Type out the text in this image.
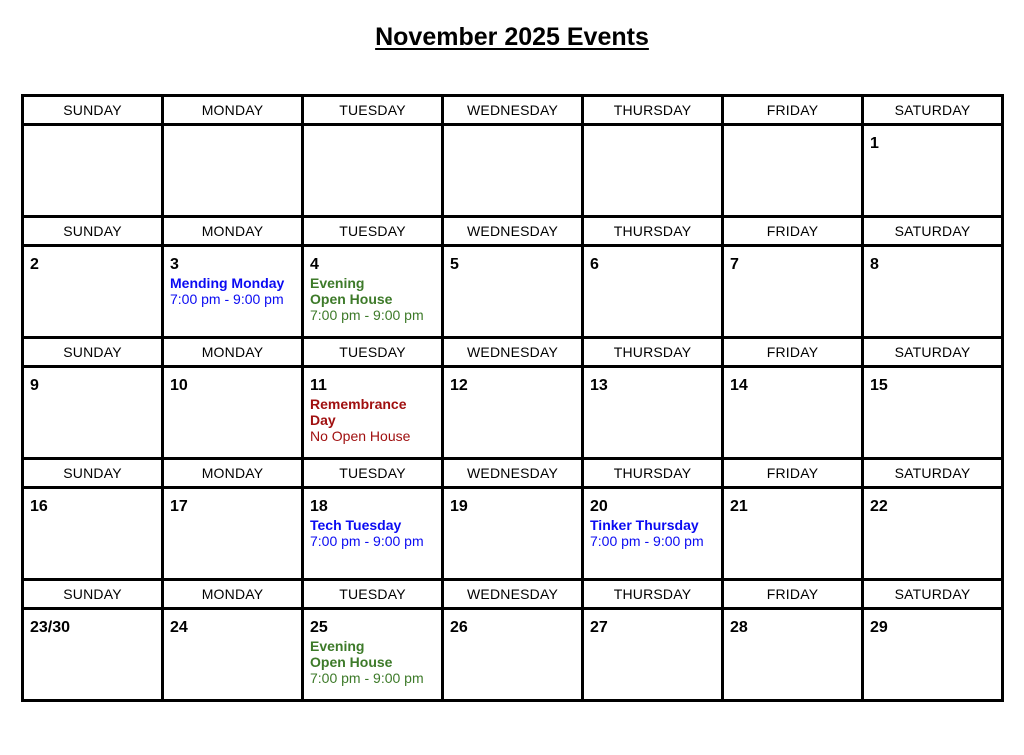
November 2025 Events
SUNDAY	MONDAY	TUESDAY	WEDNESDAY	THURSDAY	FRIDAY	SATURDAY

						1

SUNDAY	MONDAY	TUESDAY	WEDNESDAY	THURSDAY	FRIDAY	SATURDAY

2	3
Mending Monday
7:00 pm - 9:00 pm	4
Evening
Open House
7:00 pm - 9:00 pm	5	6	7	8

SUNDAY	MONDAY	TUESDAY	WEDNESDAY	THURSDAY	FRIDAY	SATURDAY

9	10	11
Remembrance
Day
No Open House	12	13	14	15

SUNDAY	MONDAY	TUESDAY	WEDNESDAY	THURSDAY	FRIDAY	SATURDAY

16	17	18
Tech Tuesday
7:00 pm - 9:00 pm	19	20
Tinker Thursday
7:00 pm - 9:00 pm	21	22

SUNDAY	MONDAY	TUESDAY	WEDNESDAY	THURSDAY	FRIDAY	SATURDAY

23/30	24	25
Evening
Open House
7:00 pm - 9:00 pm	26	27	28	29
